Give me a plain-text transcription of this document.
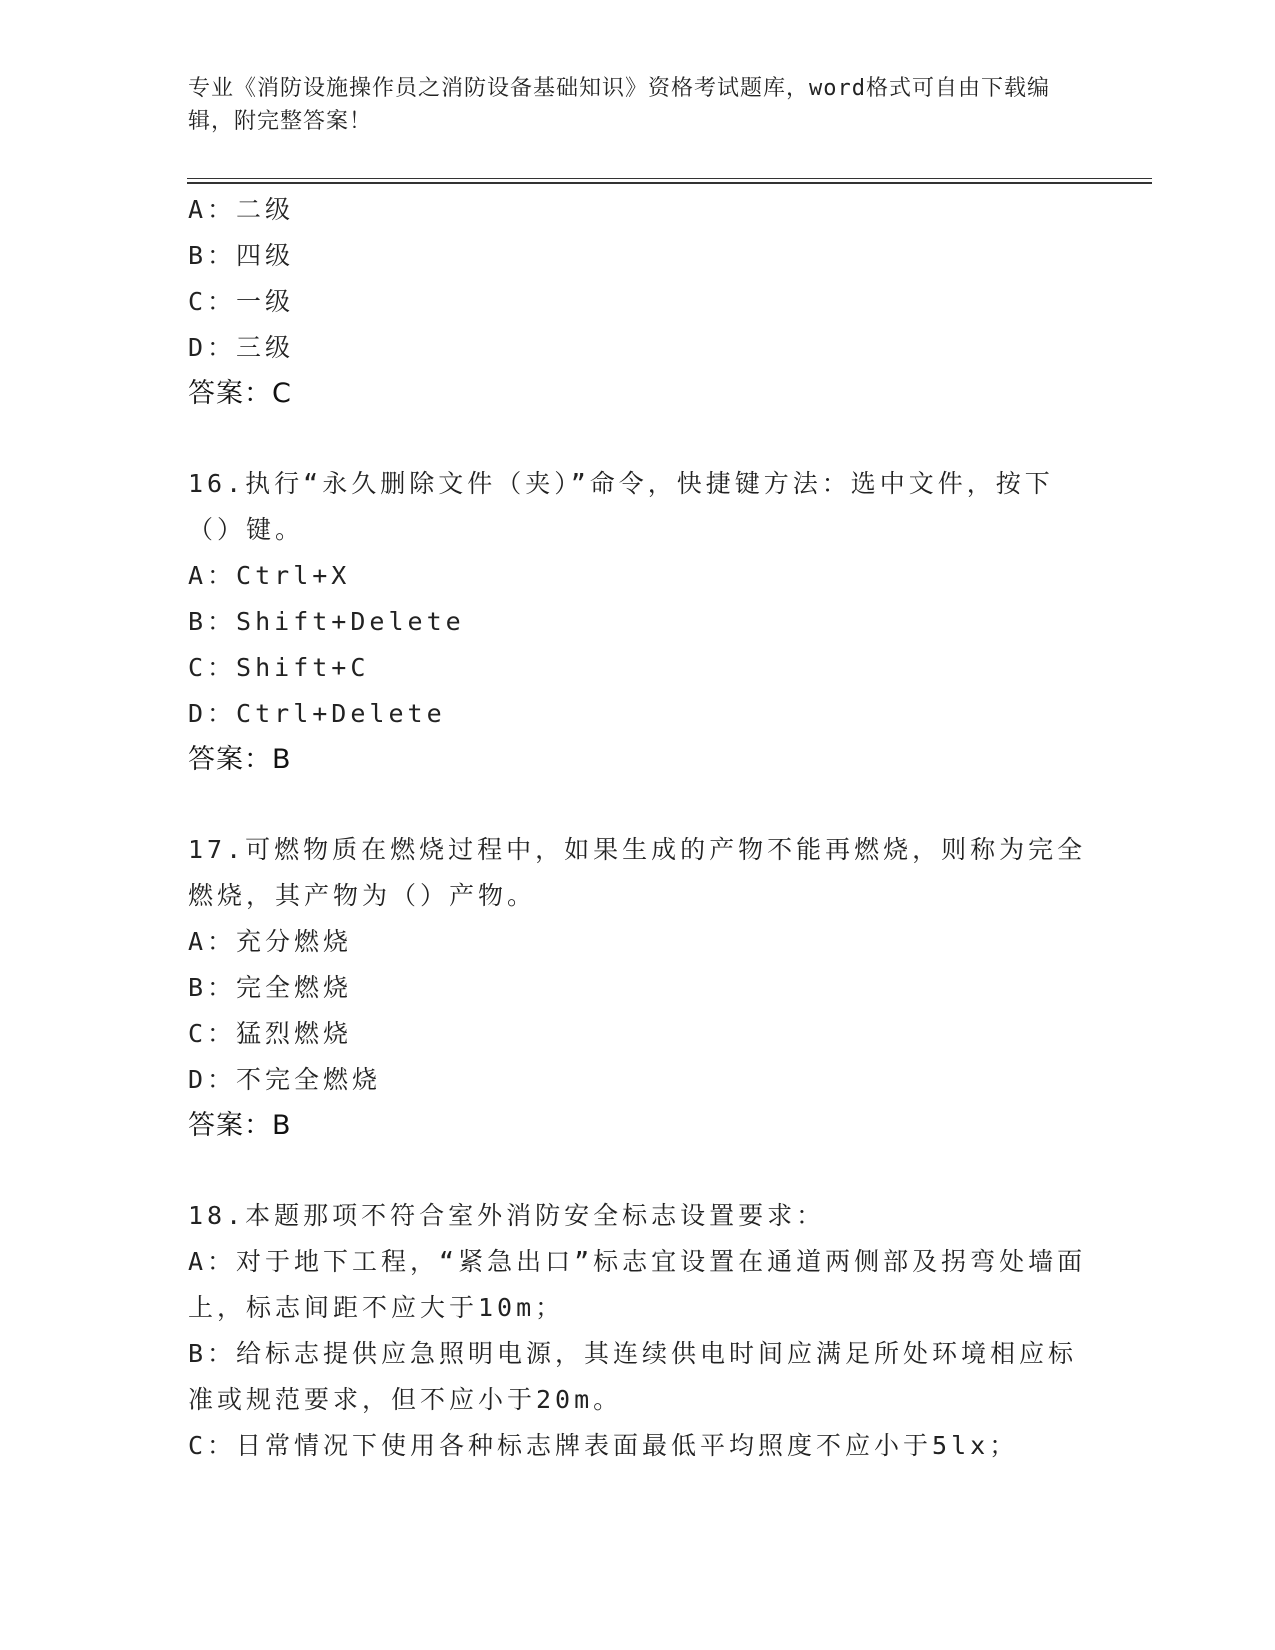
专业《消防设施操作员之消防设备基础知识》资格考试题库，word格式可自由下载编辑，附完整答案！
A：二级
B：四级
C：一级
D：三级
答案：C
16.执行“永久删除文件（夹）”命令，快捷键方法：选中文件，按下（）键。
A：Ctrl+X
B：Shift+Delete
C：Shift+C
D：Ctrl+Delete
答案：B
17.可燃物质在燃烧过程中，如果生成的产物不能再燃烧，则称为完全燃烧，其产物为（）产物。
A：充分燃烧
B：完全燃烧
C：猛烈燃烧
D：不完全燃烧
答案：B
18.本题那项不符合室外消防安全标志设置要求：
A：对于地下工程，“紧急出口”标志宜设置在通道两侧部及拐弯处墙面上，标志间距不应大于10m；
B：给标志提供应急照明电源，其连续供电时间应满足所处环境相应标准或规范要求，但不应小于20m。
C：日常情况下使用各种标志牌表面最低平均照度不应小于5lx；
